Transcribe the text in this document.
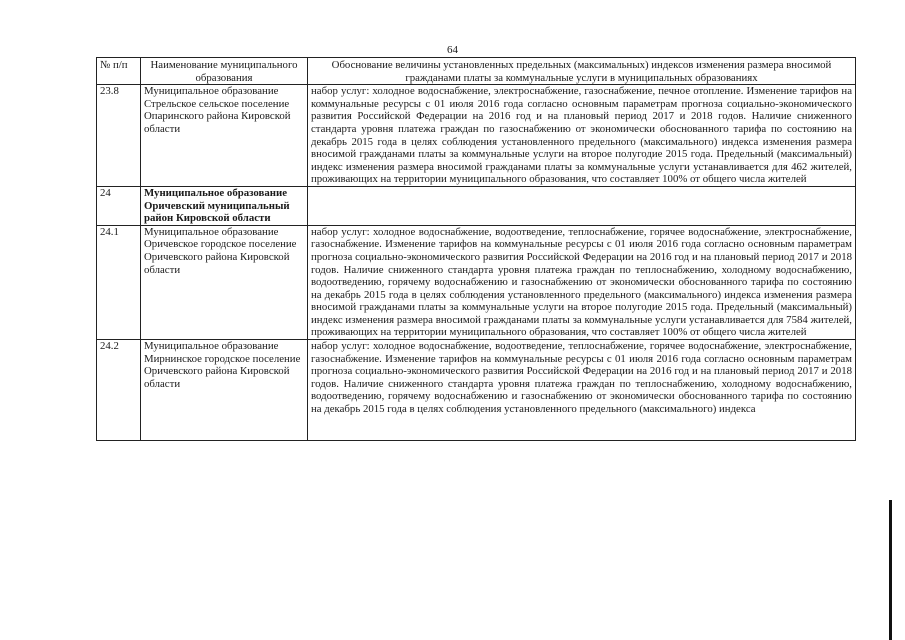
64
№ п/п	Наименование муниципального образования	Обоснование величины установленных предельных (максимальных) индексов изменения размера вносимой гражданами платы за коммунальные услуги в муниципальных образованиях
23.8	Муниципальное образование Стрельское сельское поселение Опаринского района Кировской области	набор услуг: холодное водоснабжение, электроснабжение, газоснабжение, печное отопление. Изменение тарифов на коммунальные ресурсы с 01 июля 2016 года согласно основным параметрам прогноза социально-экономического развития Российской Федерации на 2016 год и на плановый период 2017 и 2018 годов. Наличие сниженного стандарта уровня платежа граждан по газоснабжению от экономически обоснованного тарифа по состоянию на декабрь 2015 года в целях соблюдения установленного предельного (максимального) индекса изменения размера вносимой гражданами платы за коммунальные услуги на второе полугодие 2015 года. Предельный (максимальный) индекс изменения размера вносимой гражданами платы за коммунальные услуги устанавливается для 462 жителей, проживающих на территории муниципального образования, что составляет 100% от общего числа жителей
24	Муниципальное образование Оричевский муниципальный район Кировской области	
24.1	Муниципальное образование Оричевское городское поселение Оричевского района Кировской области	набор услуг: холодное водоснабжение, водоотведение, теплоснабжение, горячее водоснабжение, электроснабжение, газоснабжение. Изменение тарифов на коммунальные ресурсы с 01 июля 2016 года согласно основным параметрам прогноза социально-экономического развития Российской Федерации на 2016 год и на плановый период 2017 и 2018 годов. Наличие сниженного стандарта уровня платежа граждан по теплоснабжению, холодному водоснабжению, водоотведению, горячему водоснабжению и газоснабжению от экономически обоснованного тарифа по состоянию на декабрь 2015 года в целях соблюдения установленного предельного (максимального) индекса изменения размера вносимой гражданами платы за коммунальные услуги на второе полугодие 2015 года. Предельный (максимальный) индекс изменения размера вносимой гражданами платы за коммунальные услуги устанавливается для 7584 жителей, проживающих на территории муниципального образования, что составляет 100% от общего числа жителей
24.2	Муниципальное образование Мирнинское городское поселение Оричевского района Кировской области	набор услуг: холодное водоснабжение, водоотведение, теплоснабжение, горячее водоснабжение, электроснабжение, газоснабжение. Изменение тарифов на коммунальные ресурсы с 01 июля 2016 года согласно основным параметрам прогноза социально-экономического развития Российской Федерации на 2016 год и на плановый период 2017 и 2018 годов. Наличие сниженного стандарта уровня платежа граждан по теплоснабжению, холодному водоснабжению, водоотведению, горячему водоснабжению и газоснабжению от экономически обоснованного тарифа по состоянию на декабрь 2015 года в целях соблюдения установленного предельного (максимального) индекса
